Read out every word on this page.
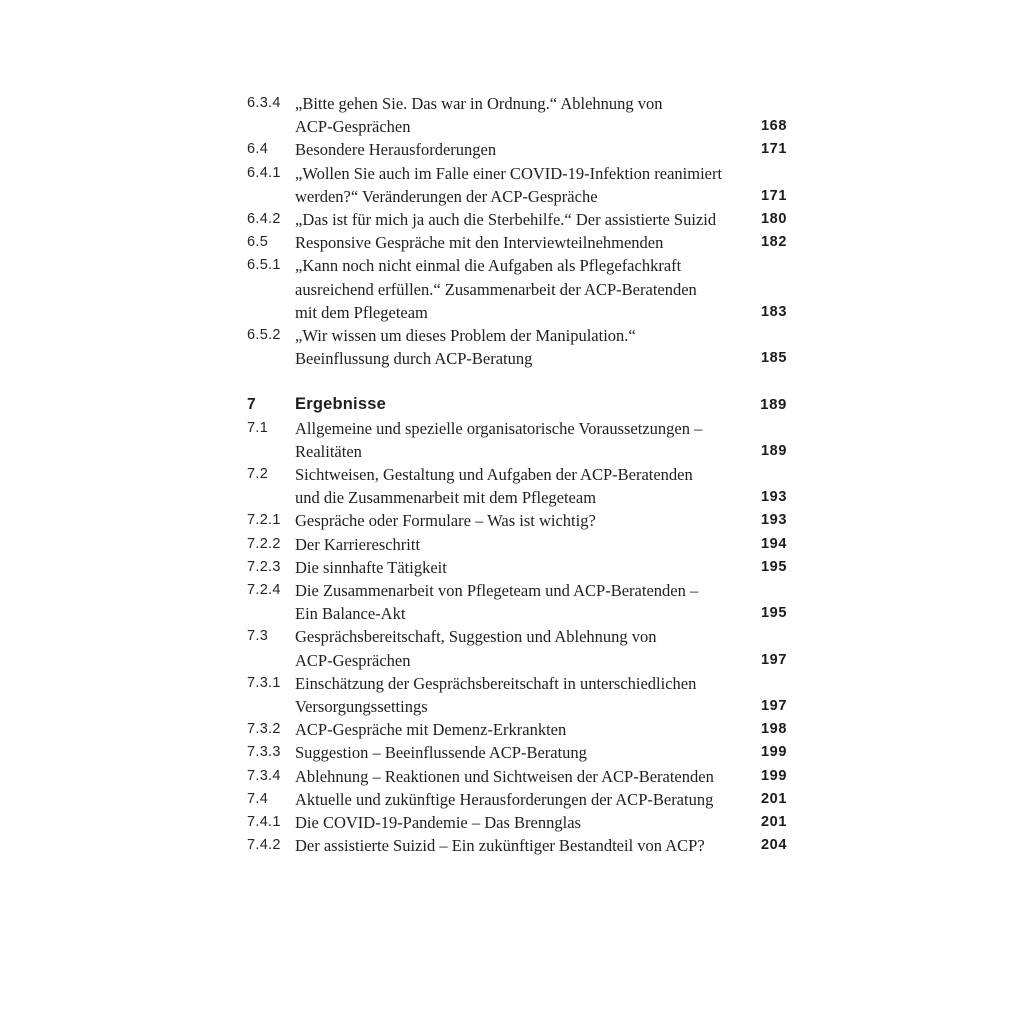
6.3.4 „Bitte gehen Sie. Das war in Ordnung.“ Ablehnung von
ACP-Gesprächen	168
6.4	Besondere Herausforderungen	171
6.4.1 „Wollen Sie auch im Falle einer COVID-19-Infektion reanimiert
werden?“ Veränderungen der ACP-Gespräche	171
6.4.2 „Das ist für mich ja auch die Sterbehilfe.“ Der assistierte Suizid	180
6.5	Responsive Gespräche mit den Interviewteilnehmenden	182
6.5.1 „Kann noch nicht einmal die Aufgaben als Pflegefachkraft
ausreichend erfüllen.“ Zusammenarbeit der ACP-Beratenden
mit dem Pflegeteam	183
6.5.2 „Wir wissen um dieses Problem der Manipulation.“
Beeinflussung durch ACP-Beratung	185
7	Ergebnisse	189
7.1	Allgemeine und spezielle organisatorische Voraussetzungen –
Realitäten	189
7.2	Sichtweisen, Gestaltung und Aufgaben der ACP-Beratenden
und die Zusammenarbeit mit dem Pflegeteam	193
7.2.1 Gespräche oder Formulare – Was ist wichtig?	193
7.2.2 Der Karriereschritt	194
7.2.3 Die sinnhafte Tätigkeit	195
7.2.4 Die Zusammenarbeit von Pflegeteam und ACP-Beratenden –
Ein Balance-Akt	195
7.3	Gesprächsbereitschaft, Suggestion und Ablehnung von
ACP-Gesprächen	197
7.3.1 Einschätzung der Gesprächsbereitschaft in unterschiedlichen
Versorgungssettings	197
7.3.2 ACP-Gespräche mit Demenz-Erkrankten	198
7.3.3 Suggestion – Beeinflussende ACP-Beratung	199
7.3.4 Ablehnung – Reaktionen und Sichtweisen der ACP-Beratenden	199
7.4	Aktuelle und zukünftige Herausforderungen der ACP-Beratung	201
7.4.1 Die COVID-19-Pandemie – Das Brennglas	201
7.4.2 Der assistierte Suizid – Ein zukünftiger Bestandteil von ACP?	204
